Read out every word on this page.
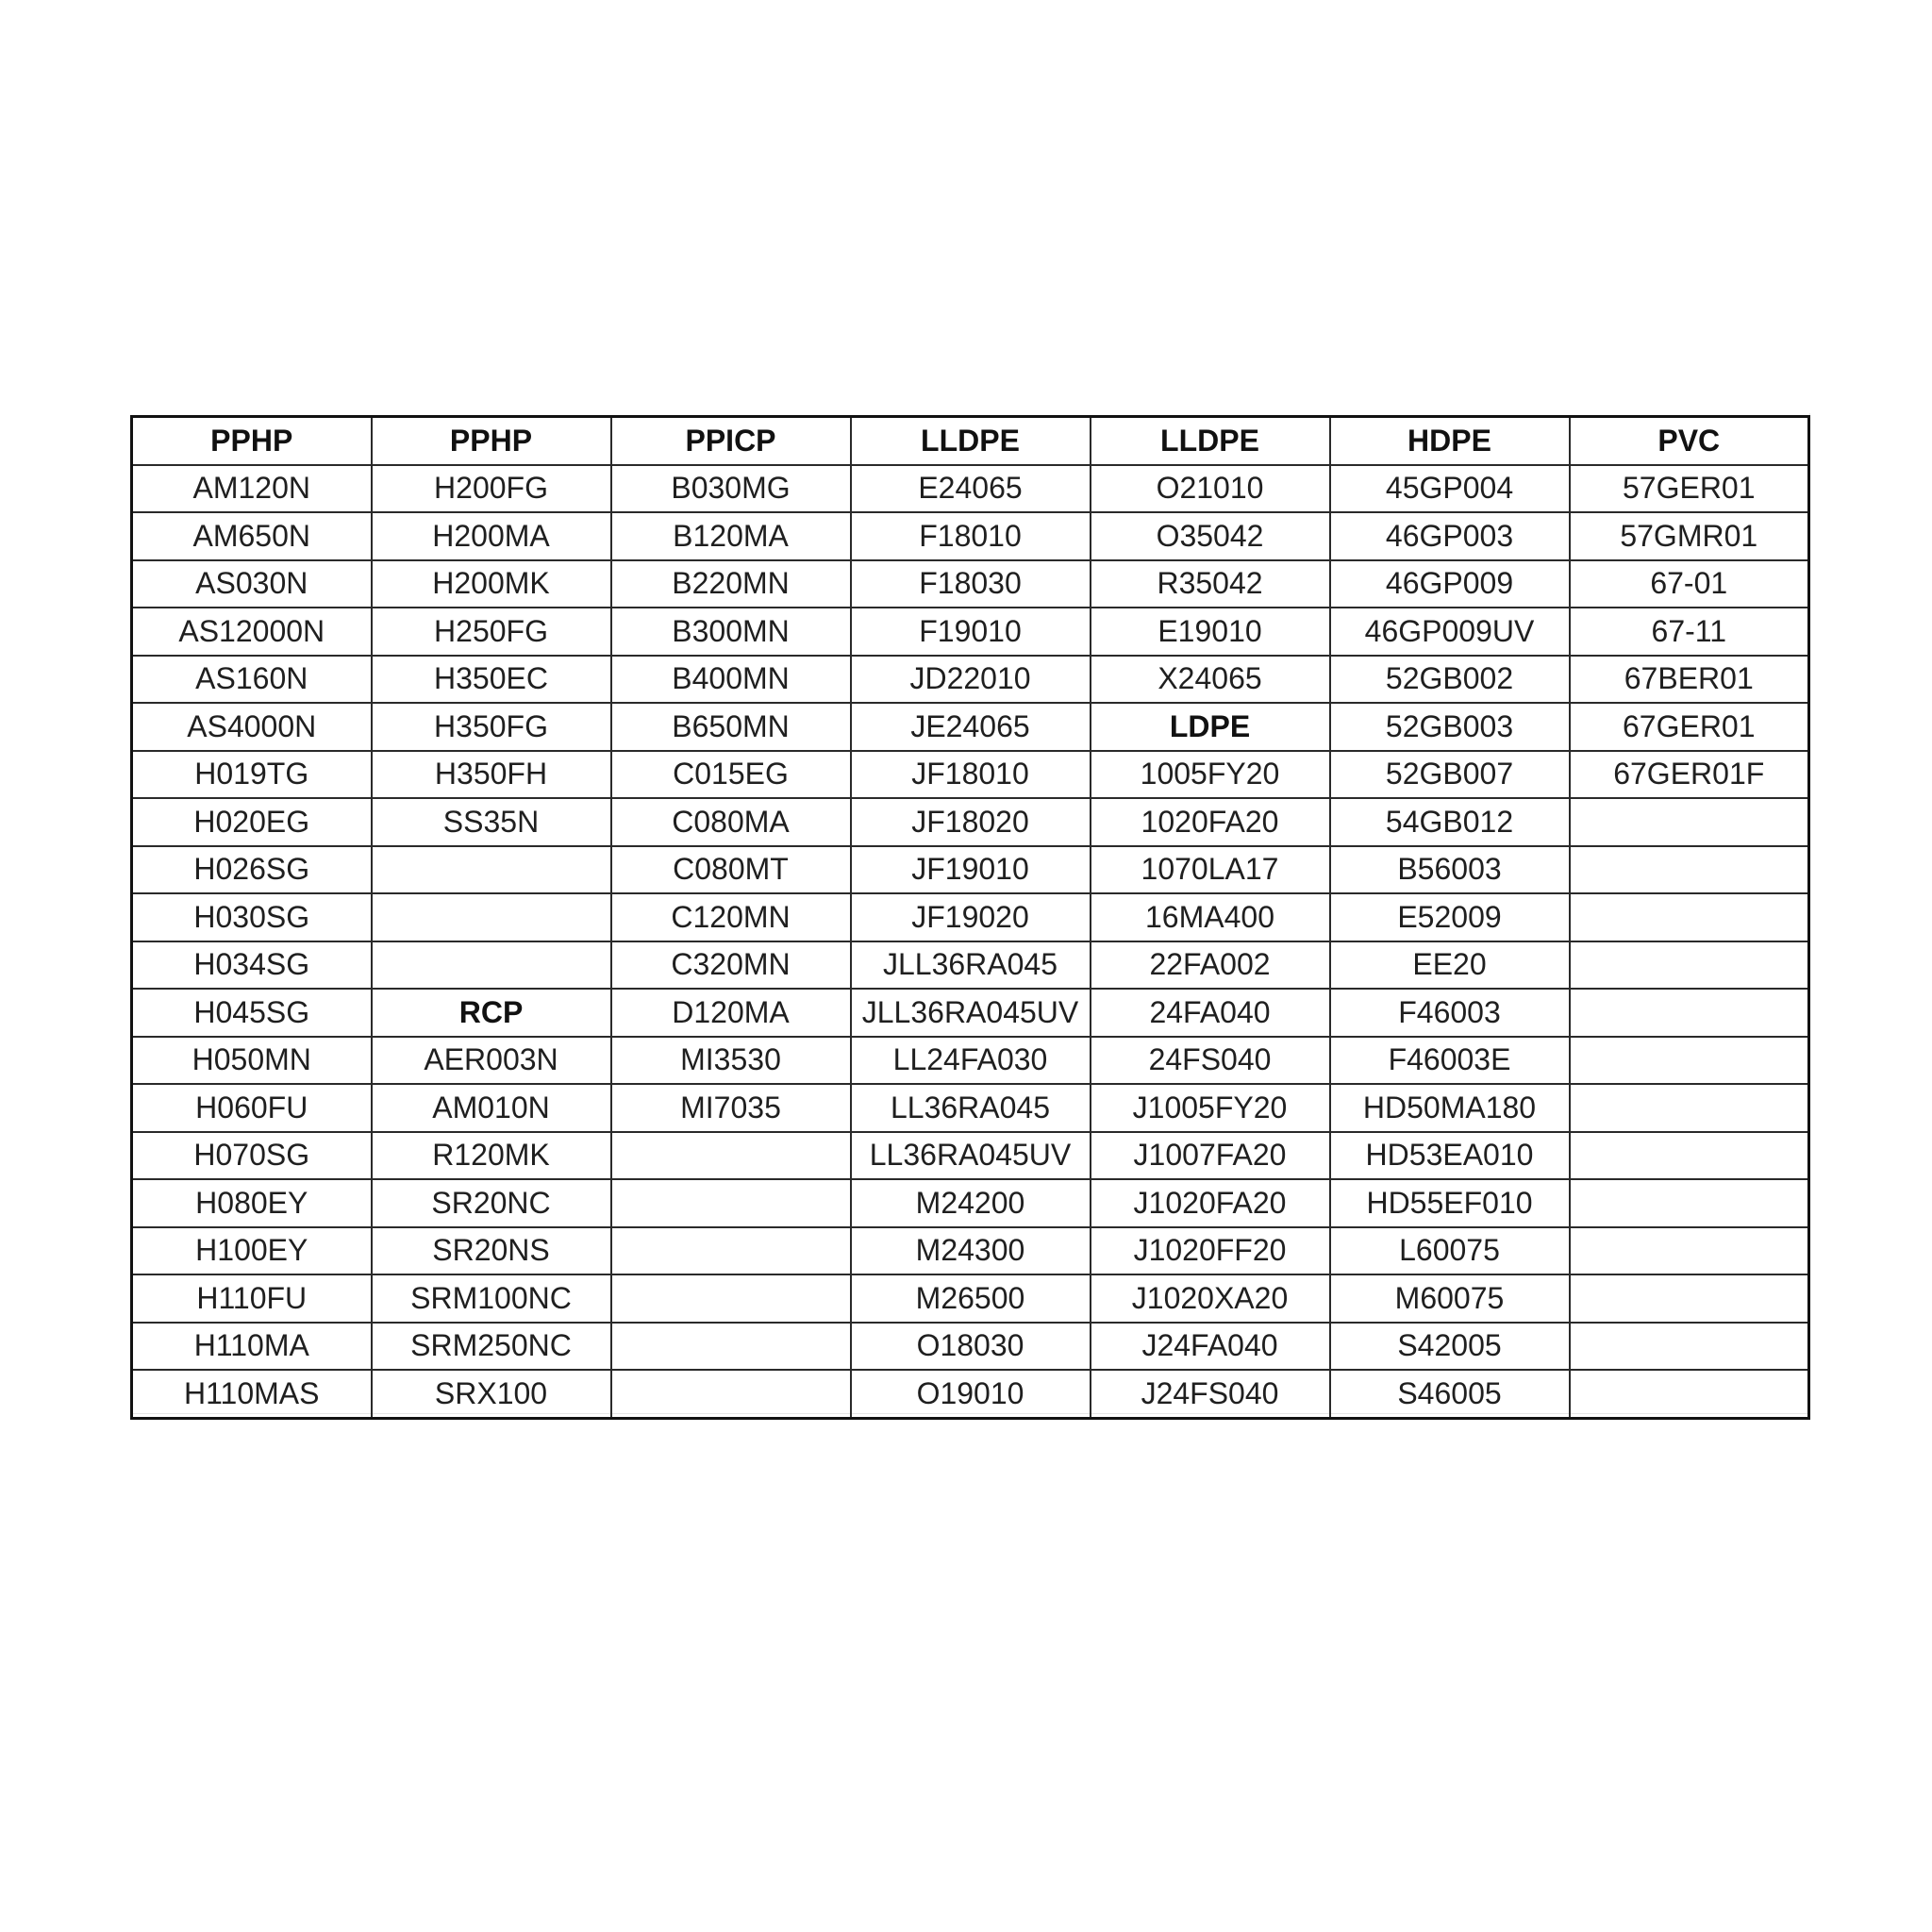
PPHP	PPHP	PPICP	LLDPE	LLDPE	HDPE	PVC
AM120N	H200FG	B030MG	E24065	O21010	45GP004	57GER01
AM650N	H200MA	B120MA	F18010	O35042	46GP003	57GMR01
AS030N	H200MK	B220MN	F18030	R35042	46GP009	67-01
AS12000N	H250FG	B300MN	F19010	E19010	46GP009UV	67-11
AS160N	H350EC	B400MN	JD22010	X24065	52GB002	67BER01
AS4000N	H350FG	B650MN	JE24065	LDPE	52GB003	67GER01
H019TG	H350FH	C015EG	JF18010	1005FY20	52GB007	67GER01F
H020EG	SS35N	C080MA	JF18020	1020FA20	54GB012	
H026SG		C080MT	JF19010	1070LA17	B56003	
H030SG		C120MN	JF19020	16MA400	E52009	
H034SG		C320MN	JLL36RA045	22FA002	EE20	
H045SG	RCP	D120MA	JLL36RA045UV	24FA040	F46003	
H050MN	AER003N	MI3530	LL24FA030	24FS040	F46003E	
H060FU	AM010N	MI7035	LL36RA045	J1005FY20	HD50MA180	
H070SG	R120MK		LL36RA045UV	J1007FA20	HD53EA010	
H080EY	SR20NC		M24200	J1020FA20	HD55EF010	
H100EY	SR20NS		M24300	J1020FF20	L60075	
H110FU	SRM100NC		M26500	J1020XA20	M60075	
H110MA	SRM250NC		O18030	J24FA040	S42005	
H110MAS	SRX100		O19010	J24FS040	S46005	
